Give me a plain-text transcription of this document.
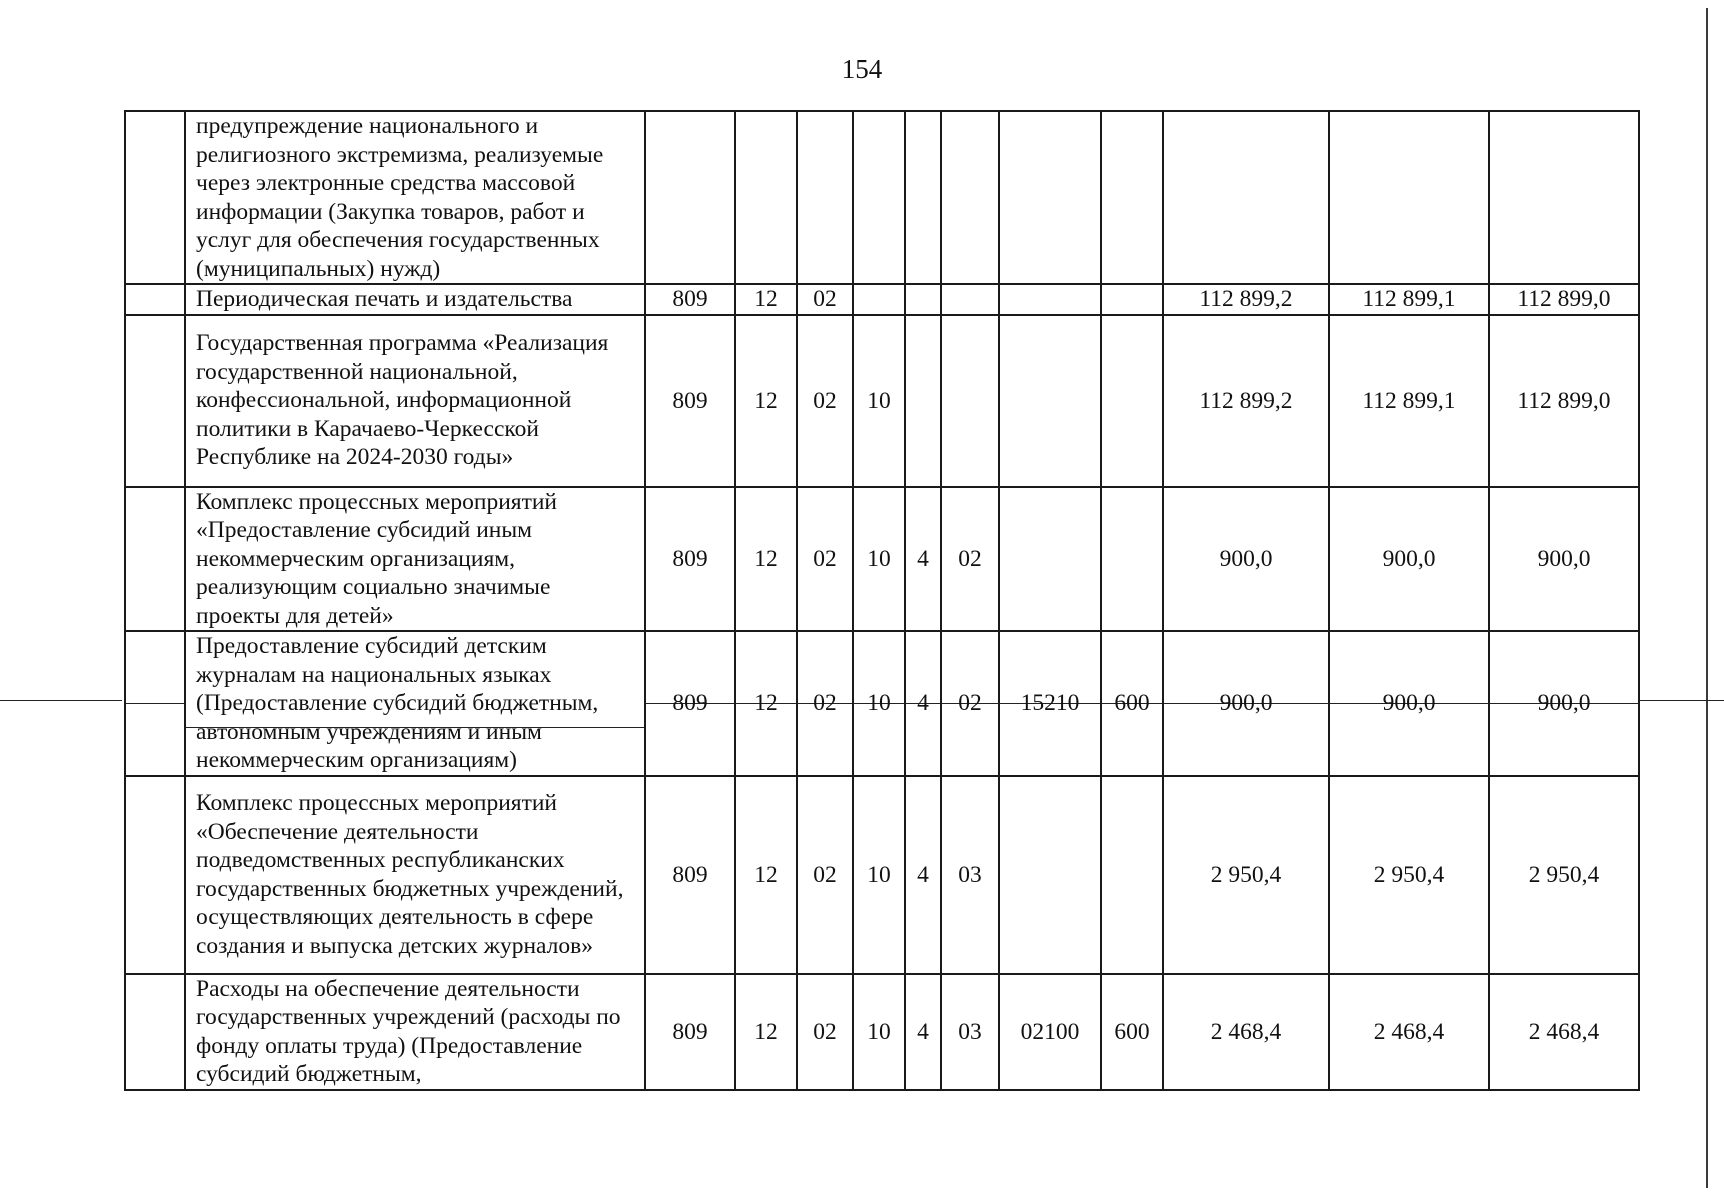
154
	предупреждение национального и религиозного экстремизма, реализуемые через электронные средства массовой информации (Закупка товаров, работ и услуг для обеспечения государственных (муниципальных) нужд)											
	Периодическая печать и издательства	809	12	02						112 899,2	112 899,1	112 899,0
	Государственная программа «Реализация государственной национальной, конфессиональной, информационной политики в Карачаево-Черкесской Республике на 2024-2030 годы»	809	12	02	10					112 899,2	112 899,1	112 899,0
	Комплекс процессных мероприятий «Предоставление субсидий иным некоммерческим организациям, реализующим социально значимые проекты для детей»	809	12	02	10	4	02			900,0	900,0	900,0
	Предоставление субсидий детским журналам на национальных языках (Предоставление субсидий бюджетным, автономным учреждениям и иным некоммерческим организациям)	809	12	02	10	4	02	15210	600	900,0	900,0	900,0
	Комплекс процессных мероприятий «Обеспечение деятельности подведомственных республиканских государственных бюджетных учреждений, осуществляющих деятельность в сфере создания и выпуска детских журналов»	809	12	02	10	4	03			2 950,4	2 950,4	2 950,4
	Расходы на обеспечение деятельности государственных учреждений (расходы по фонду оплаты труда) (Предоставление субсидий бюджетным,	809	12	02	10	4	03	02100	600	2 468,4	2 468,4	2 468,4
